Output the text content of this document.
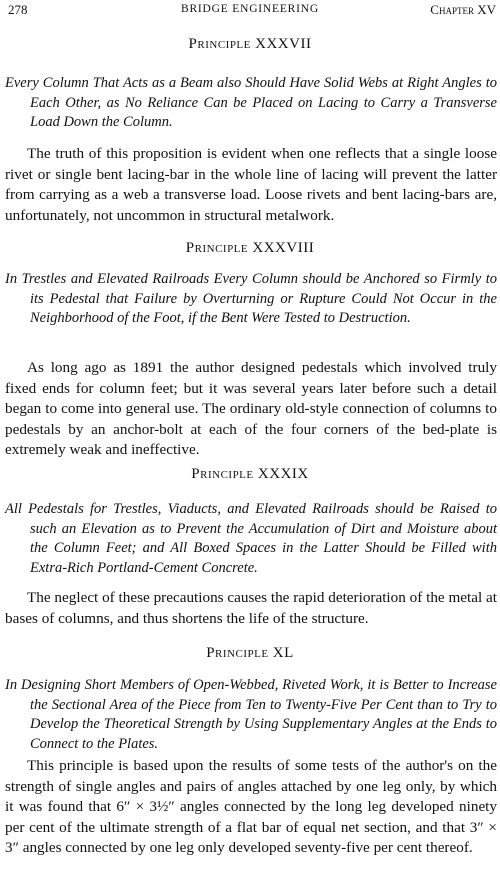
278	BRIDGE ENGINEERING	Chapter XV

Principle XXXVII

Every Column That Acts as a Beam also Should Have Solid Webs at Right Angles to Each Other, as No Reliance Can be Placed on Lacing to Carry a Transverse Load Down the Column.

The truth of this proposition is evident when one reflects that a single loose rivet or single bent lacing-bar in the whole line of lacing will prevent the latter from carrying as a web a transverse load. Loose rivets and bent lacing-bars are, unfortunately, not uncommon in structural metalwork.

Principle XXXVIII

In Trestles and Elevated Railroads Every Column should be Anchored so Firmly to its Pedestal that Failure by Overturning or Rupture Could Not Occur in the Neighborhood of the Foot, if the Bent Were Tested to Destruction.

As long ago as 1891 the author designed pedestals which involved truly fixed ends for column feet; but it was several years later before such a detail began to come into general use. The ordinary old-style connection of columns to pedestals by an anchor-bolt at each of the four corners of the bed-plate is extremely weak and ineffective.

Principle XXXIX

All Pedestals for Trestles, Viaducts, and Elevated Railroads should be Raised to such an Elevation as to Prevent the Accumulation of Dirt and Moisture about the Column Feet; and All Boxed Spaces in the Latter Should be Filled with Extra-Rich Portland-Cement Concrete.

The neglect of these precautions causes the rapid deterioration of the metal at bases of columns, and thus shortens the life of the structure.

Principle XL

In Designing Short Members of Open-Webbed, Riveted Work, it is Better to Increase the Sectional Area of the Piece from Ten to Twenty-Five Per Cent than to Try to Develop the Theoretical Strength by Using Supplementary Angles at the Ends to Connect to the Plates.

This principle is based upon the results of some tests of the author's on the strength of single angles and pairs of angles attached by one leg only, by which it was found that 6″ × 3½″ angles connected by the long leg developed ninety per cent of the ultimate strength of a flat bar of equal net section, and that 3″ × 3″ angles connected by one leg only developed seventy-five per cent thereof.
